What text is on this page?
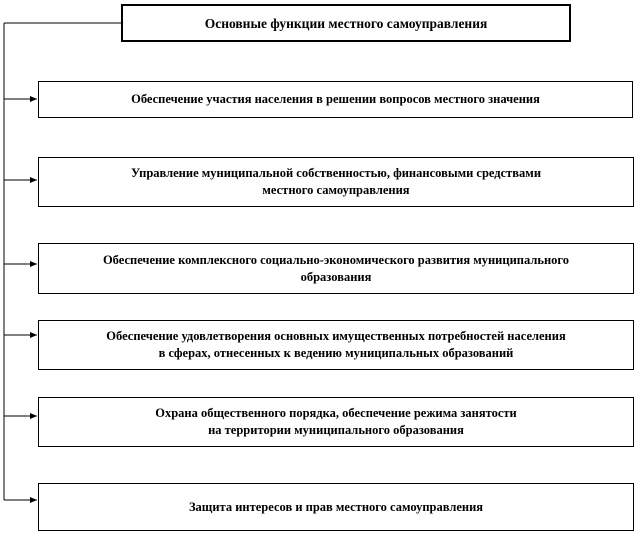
Основные функции местного самоуправления
Обеспечение участия населения в решении вопросов местного значения
Управление муниципальной собственностью, финансовыми средствами
местного самоуправления
Обеспечение комплексного социально-экономического развития муниципального
образования
Обеспечение удовлетворения основных имущественных потребностей населения
в сферах, отнесенных к ведению муниципальных образований
Охрана общественного порядка, обеспечение режима занятости
на территории муниципального образования
Защита интересов и прав местного самоуправления
